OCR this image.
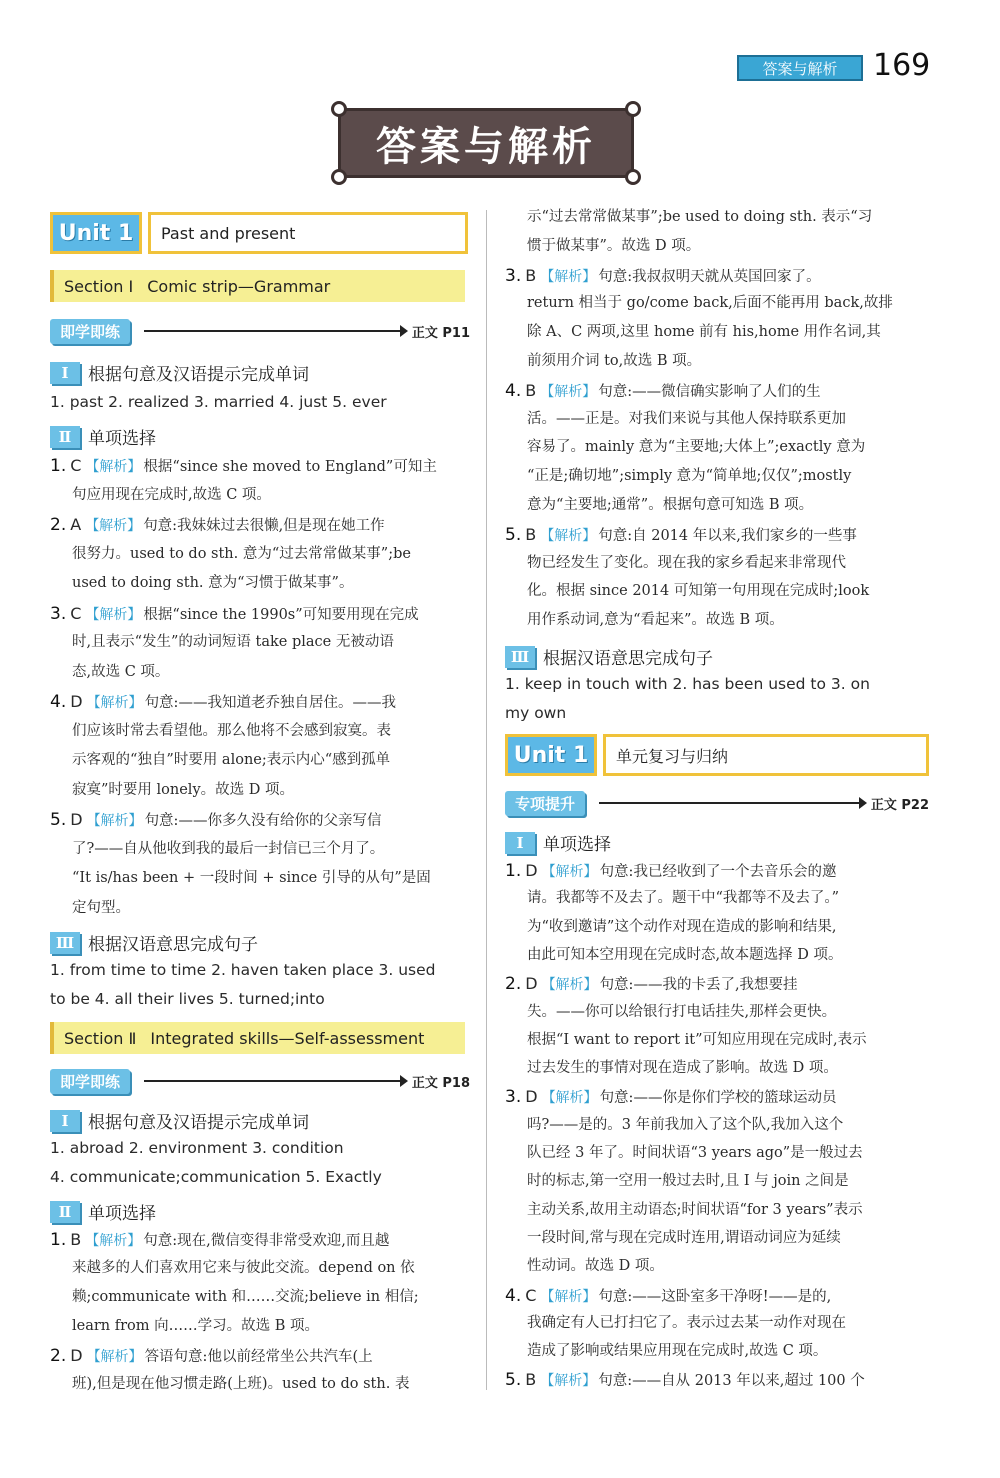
答案与解析	169
答案与解析
Unit 1	Past and present
Section Ⅰ Comic strip—Grammar
即学即练	正文 P11
Ⅰ	根据句意及汉语提示完成单词
1. past 2. realized 3. married 4. just 5. ever
Ⅱ 单项选择
1. C 【解析】 根据“since she moved to England”可知主
句应用现在完成时,故选 C 项。
2. A 【解析】 句意:我妹妹过去很懒,但是现在她工作
很努力。used to do sth. 意为“过去常常做某事”;be
used to doing sth. 意为“习惯于做某事”。
3. C 【解析】 根据“since the 1990s”可知要用现在完成
时,且表示“发生”的动词短语 take place 无被动语
态,故选 C 项。
4. D 【解析】 句意:——我知道老乔独自居住。——我
们应该时常去看望他。那么他将不会感到寂寞。表
示客观的“独自”时要用 alone;表示内心“感到孤单
寂寞”时要用 lonely。故选 D 项。
5. D 【解析】 句意:——你多久没有给你的父亲写信
了?——自从他收到我的最后一封信已三个月了。
“It is/has been + 一段时间 + since 引导的从句”是固
定句型。
Ⅲ 根据汉语意思完成句子
1. from time to time 2. haven taken place 3. used
to be 4. all their lives 5. turned;into
Section Ⅱ Integrated skills—Self-assessment
即学即练	正文 P18
Ⅰ	根据句意及汉语提示完成单词
1. abroad 2. environment 3. condition
4. communicate;communication 5. Exactly
Ⅱ 单项选择
1. B 【解析】 句意:现在,微信变得非常受欢迎,而且越
来越多的人们喜欢用它来与彼此交流。depend on 依
赖;communicate with 和……交流;believe in 相信;
learn from 向……学习。故选 B 项。
2. D 【解析】 答语句意:他以前经常坐公共汽车(上
班),但是现在他习惯走路(上班)。used to do sth. 表
示“过去常常做某事”;be used to doing sth. 表示“习
惯于做某事”。故选 D 项。
3. B 【解析】 句意:我叔叔明天就从英国回家了。
return 相当于 go/come back,后面不能再用 back,故排
除 A、C 两项,这里 home 前有 his,home 用作名词,其
前须用介词 to,故选 B 项。
4. B 【解析】 句意:——微信确实影响了人们的生
活。——正是。对我们来说与其他人保持联系更加
容易了。mainly 意为“主要地;大体上”;exactly 意为
“正是;确切地”;simply 意为“简单地;仅仅”;mostly
意为“主要地;通常”。根据句意可知选 B 项。
5. B 【解析】 句意:自 2014 年以来,我们家乡的一些事
物已经发生了变化。现在我的家乡看起来非常现代
化。根据 since 2014 可知第一句用现在完成时;look
用作系动词,意为“看起来”。故选 B 项。
Ⅲ 根据汉语意思完成句子
1. keep in touch with 2. has been used to 3. on
my own
Unit 1	单元复习与归纳
专项提升	正文 P22
Ⅰ	单项选择
1. D 【解析】 句意:我已经收到了一个去音乐会的邀
请。我都等不及去了。题干中“我都等不及去了。”
为“收到邀请”这个动作对现在造成的影响和结果,
由此可知本空用现在完成时态,故本题选择 D 项。
2. D 【解析】 句意:——我的卡丢了,我想要挂
失。——你可以给银行打电话挂失,那样会更快。
根据“I want to report it”可知应用现在完成时,表示
过去发生的事情对现在造成了影响。故选 D 项。
3. D 【解析】 句意:——你是你们学校的篮球运动员
吗?——是的。3 年前我加入了这个队,我加入这个
队已经 3 年了。时间状语“3 years ago”是一般过去
时的标志,第一空用一般过去时,且 I 与 join 之间是
主动关系,故用主动语态;时间状语“for 3 years”表示
一段时间,常与现在完成时连用,谓语动词应为延续
性动词。故选 D 项。
4. C 【解析】 句意:——这卧室多干净呀!——是的,
我确定有人已打扫它了。表示过去某一动作对现在
造成了影响或结果应用现在完成时,故选 C 项。
5. B 【解析】 句意:——自从 2013 年以来,超过 100 个
